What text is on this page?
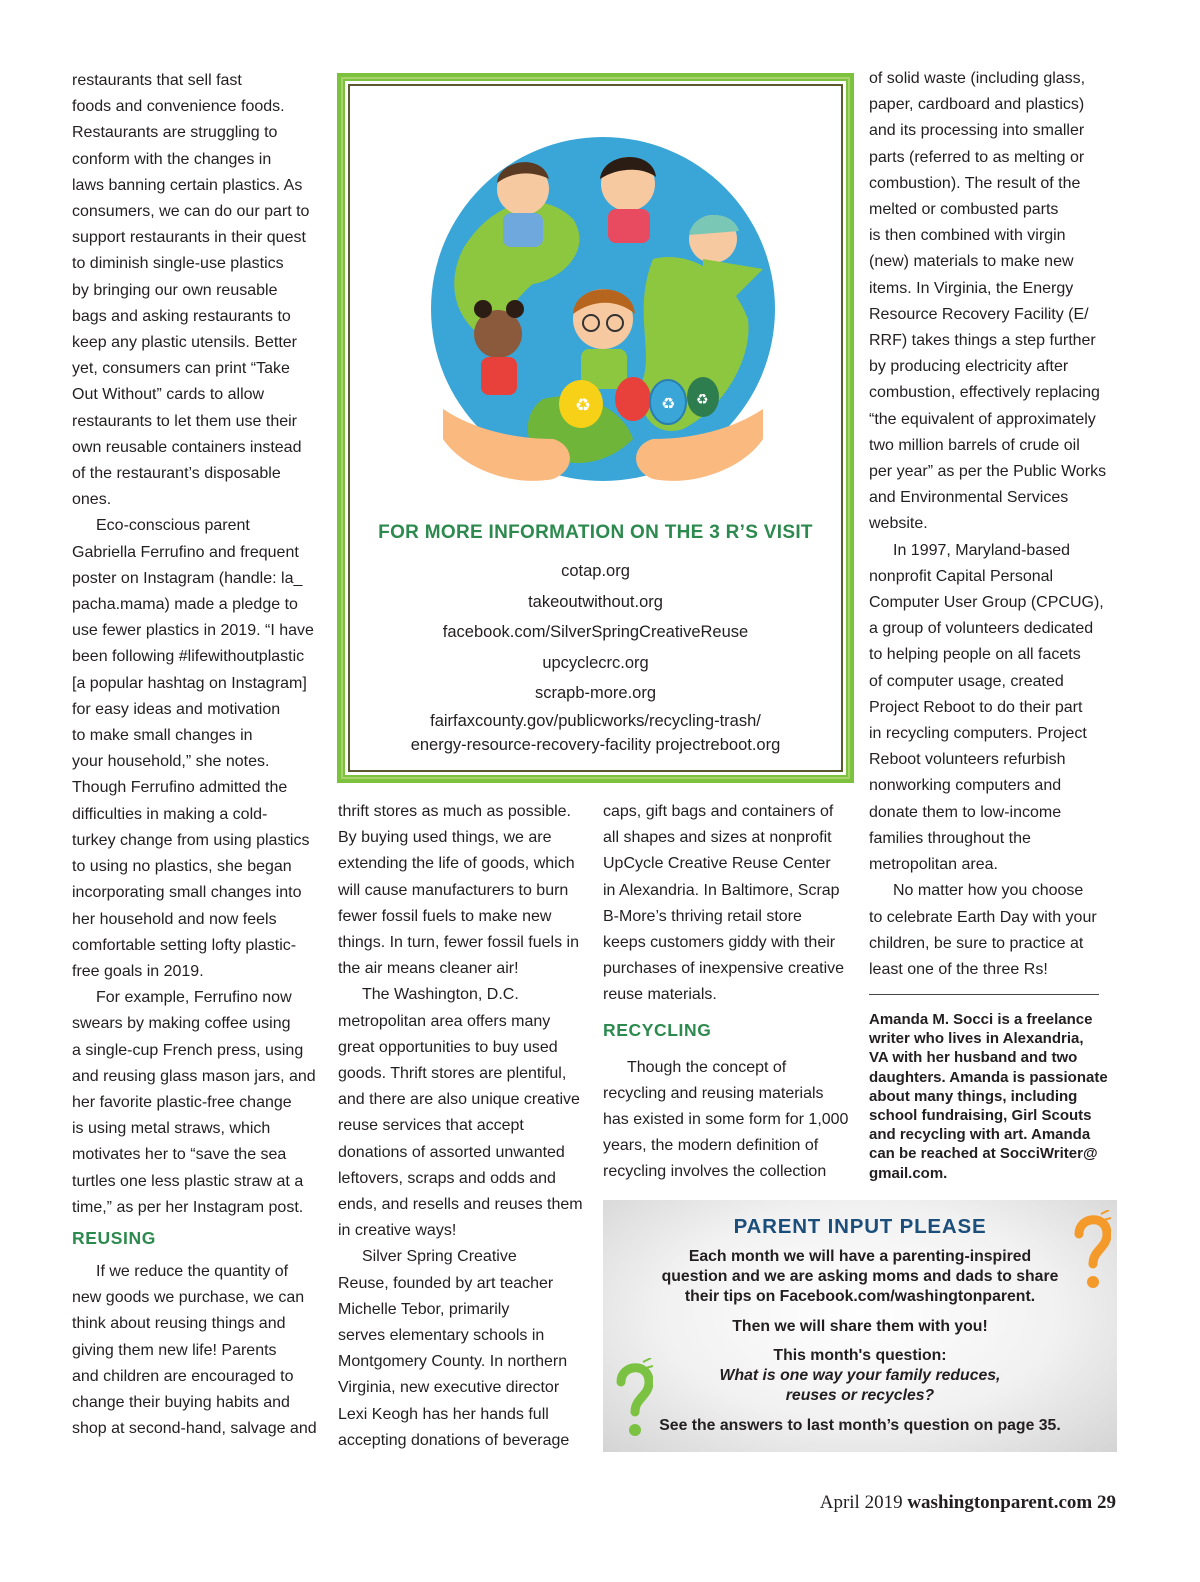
restaurants that sell fast
foods and convenience foods.
Restaurants are struggling to
conform with the changes in
laws banning certain plastics. As
consumers, we can do our part to
support restaurants in their quest
to diminish single-use plastics
by bringing our own reusable
bags and asking restaurants to
keep any plastic utensils. Better
yet, consumers can print “Take
Out Without” cards to allow
restaurants to let them use their
own reusable containers instead
of the restaurant’s disposable
ones.
Eco-conscious parent
Gabriella Ferrufino and frequent
poster on Instagram (handle: la_
pacha.mama) made a pledge to
use fewer plastics in 2019. “I have
been following #lifewithoutplastic
[a popular hashtag on Instagram]
for easy ideas and motivation
to make small changes in
your household,” she notes.
Though Ferrufino admitted the
difficulties in making a cold-
turkey change from using plastics
to using no plastics, she began
incorporating small changes into
her household and now feels
comfortable setting lofty plastic-
free goals in 2019.
For example, Ferrufino now
swears by making coffee using
a single-cup French press, using
and reusing glass mason jars, and
her favorite plastic-free change
is using metal straws, which
motivates her to “save the sea
turtles one less plastic straw at a
time,” as per her Instagram post.
REUSING
If we reduce the quantity of
new goods we purchase, we can
think about reusing things and
giving them new life! Parents
and children are encouraged to
change their buying habits and
shop at second-hand, salvage and
♻	♻ ♻
FOR MORE INFORMATION ON THE 3 R’S VISIT
cotap.org
takeoutwithout.org
facebook.com/SilverSpringCreativeReuse
upcyclecrc.org
scrapb-more.org
fairfaxcounty.gov/publicworks/recycling-trash/
energy-resource-recovery-facility projectreboot.org
thrift stores as much as possible.
By buying used things, we are
extending the life of goods, which
will cause manufacturers to burn
fewer fossil fuels to make new
things. In turn, fewer fossil fuels in
the air means cleaner air!
The Washington, D.C.
metropolitan area offers many
great opportunities to buy used
goods. Thrift stores are plentiful,
and there are also unique creative
reuse services that accept
donations of assorted unwanted
leftovers, scraps and odds and
ends, and resells and reuses them
in creative ways!
Silver Spring Creative
Reuse, founded by art teacher
Michelle Tebor, primarily
serves elementary schools in
Montgomery County. In northern
Virginia, new executive director
Lexi Keogh has her hands full
accepting donations of beverage
caps, gift bags and containers of
all shapes and sizes at nonprofit
UpCycle Creative Reuse Center
in Alexandria. In Baltimore, Scrap
B-More’s thriving retail store
keeps customers giddy with their
purchases of inexpensive creative
reuse materials.
RECYCLING
Though the concept of
recycling and reusing materials
has existed in some form for 1,000
years, the modern definition of
recycling involves the collection
of solid waste (including glass,
paper, cardboard and plastics)
and its processing into smaller
parts (referred to as melting or
combustion). The result of the
melted or combusted parts
is then combined with virgin
(new) materials to make new
items. In Virginia, the Energy
Resource Recovery Facility (E/
RRF) takes things a step further
by producing electricity after
combustion, effectively replacing
“the equivalent of approximately
two million barrels of crude oil
per year” as per the Public Works
and Environmental Services
website.
In 1997, Maryland-based
nonprofit Capital Personal
Computer User Group (CPCUG),
a group of volunteers dedicated
to helping people on all facets
of computer usage, created
Project Reboot to do their part
in recycling computers. Project
Reboot volunteers refurbish
nonworking computers and
donate them to low-income
families throughout the
metropolitan area.
No matter how you choose
to celebrate Earth Day with your
children, be sure to practice at
least one of the three Rs!
Amanda M. Socci is a freelance
writer who lives in Alexandria,
VA with her husband and two
daughters. Amanda is passionate
about many things, including
school fundraising, Girl Scouts
and recycling with art. Amanda
can be reached at SocciWriter@
gmail.com.
PARENT INPUT PLEASE
Each month we will have a parenting-inspired
question and we are asking moms and dads to share
their tips on Facebook.com/washingtonparent.
Then we will share them with you!
This month's question:
What is one way your family reduces,
reuses or recycles?
See the answers to last month’s question on page 35.
April 2019 washingtonparent.com 29
